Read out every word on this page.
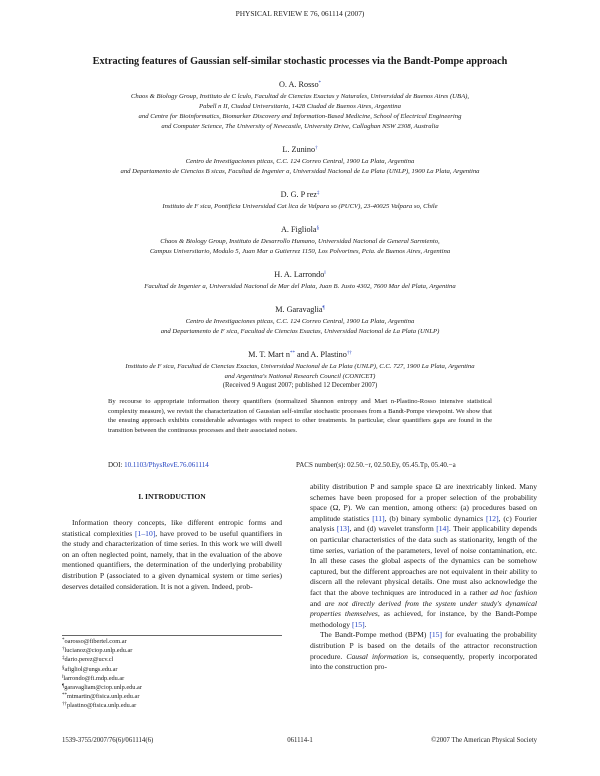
PHYSICAL REVIEW E 76, 061114 (2007)
Extracting features of Gaussian self-similar stochastic processes via the Bandt-Pompe approach
O. A. Rosso*
Chaos & Biology Group, Instituto de C lculo, Facultad de Ciencias Exactas y Naturales, Universidad de Buenos Aires (UBA),
Pabell n II, Ciudad Universitaria, 1428 Ciudad de Buenos Aires, Argentina
and Centre for Bioinformatics, Biomarker Discovery and Information-Based Medicine, School of Electrical Engineering
and Computer Science, The University of Newcastle, University Drive, Callaghan NSW 2308, Australia
L. Zunino†
Centro de Investigaciones pticas, C.C. 124 Correo Central, 1900 La Plata, Argentina
and Departamento de Ciencias B sicas, Facultad de Ingenier a, Universidad Nacional de La Plata (UNLP), 1900 La Plata, Argentina
D. G. P rez‡
Instituto de F sica, Pontificia Universidad Cat lica de Valpara so (PUCV), 23-40025 Valpara so, Chile
A. Figliola§
Chaos & Biology Group, Instituto de Desarrollo Humano, Universidad Nacional de General Sarmiento,
Campus Universitario, Modulo 5, Juan Mar a Gutierrez 1150, Los Polvorines, Pcia. de Buenos Aires, Argentina
H. A. Larrondo‖
Facultad de Ingenier a, Universidad Nacional de Mar del Plata, Juan B. Justo 4302, 7600 Mar del Plata, Argentina
M. Garavaglia¶
Centro de Investigaciones pticas, C.C. 124 Correo Central, 1900 La Plata, Argentina
and Departamento de F sica, Facultad de Ciencias Exactas, Universidad Nacional de La Plata (UNLP)
M. T. Mart n** and A. Plastino††
Instituto de F sica, Facultad de Ciencias Exactas, Universidad Nacional de La Plata (UNLP), C.C. 727, 1900 La Plata, Argentina
and Argentina's National Research Council (CONICET)
(Received 9 August 2007; published 12 December 2007)
By recourse to appropriate information theory quantifiers (normalized Shannon entropy and Mart n-Plastino-Rosso intensive statistical complexity measure), we revisit the characterization of Gaussian self-similar stochastic processes from a Bandt-Pompe viewpoint. We show that the ensuing approach exhibits considerable advantages with respect to other treatments. In particular, clear quantifiers gaps are found in the transition between the continuous processes and their associated noises.
DOI: 10.1103/PhysRevE.76.061114	PACS number(s): 02.50.−r, 02.50.Ey, 05.45.Tp, 05.40.−a
I. INTRODUCTION

Information theory concepts, like different entropic forms and statistical complexities [1–10], have proved to be useful quantifiers in the study and characterization of time series. In this work we will dwell on an often neglected point, namely, that in the evaluation of the above mentioned quantifiers, the determination of the underlying probability distribution P (associated to a given dynamical system or time series) deserves detailed consideration. It is not a given. Indeed, prob-

*oarosso@fibertel.com.ar
†lucianoz@ciop.unlp.edu.ar
‡dario.perez@ucv.cl
§afigliol@ungs.edu.ar
‖larrondo@fi.mdp.edu.ar
¶garavagliam@ciop.unlp.edu.ar
**mtmartin@fisica.unlp.edu.ar
††plastino@fisica.unlp.edu.ar

ability distribution P and sample space Ω are inextricably linked. Many schemes have been proposed for a proper selection of the probability space (Ω, P). We can mention, among others: (a) procedures based on amplitude statistics [11], (b) binary symbolic dynamics [12], (c) Fourier analysis [13], and (d) wavelet transform [14]. Their applicability depends on particular characteristics of the data such as stationarity, length of the time series, variation of the parameters, level of noise contamination, etc. In all these cases the global aspects of the dynamics can be somehow captured, but the different approaches are not equivalent in their ability to discern all the relevant physical details. One must also acknowledge the fact that the above techniques are introduced in a rather ad hoc fashion and are not directly derived from the system under study's dynamical properties themselves, as achieved, for instance, by the Bandt-Pompe methodology [15].

The Bandt-Pompe method (BPM) [15] for evaluating the probability distribution P is based on the details of the attractor reconstruction procedure. Causal information is, consequently, properly incorporated into the construction pro-

1539-3755/2007/76(6)/061114(6)	061114-1	©2007 The American Physical Society
